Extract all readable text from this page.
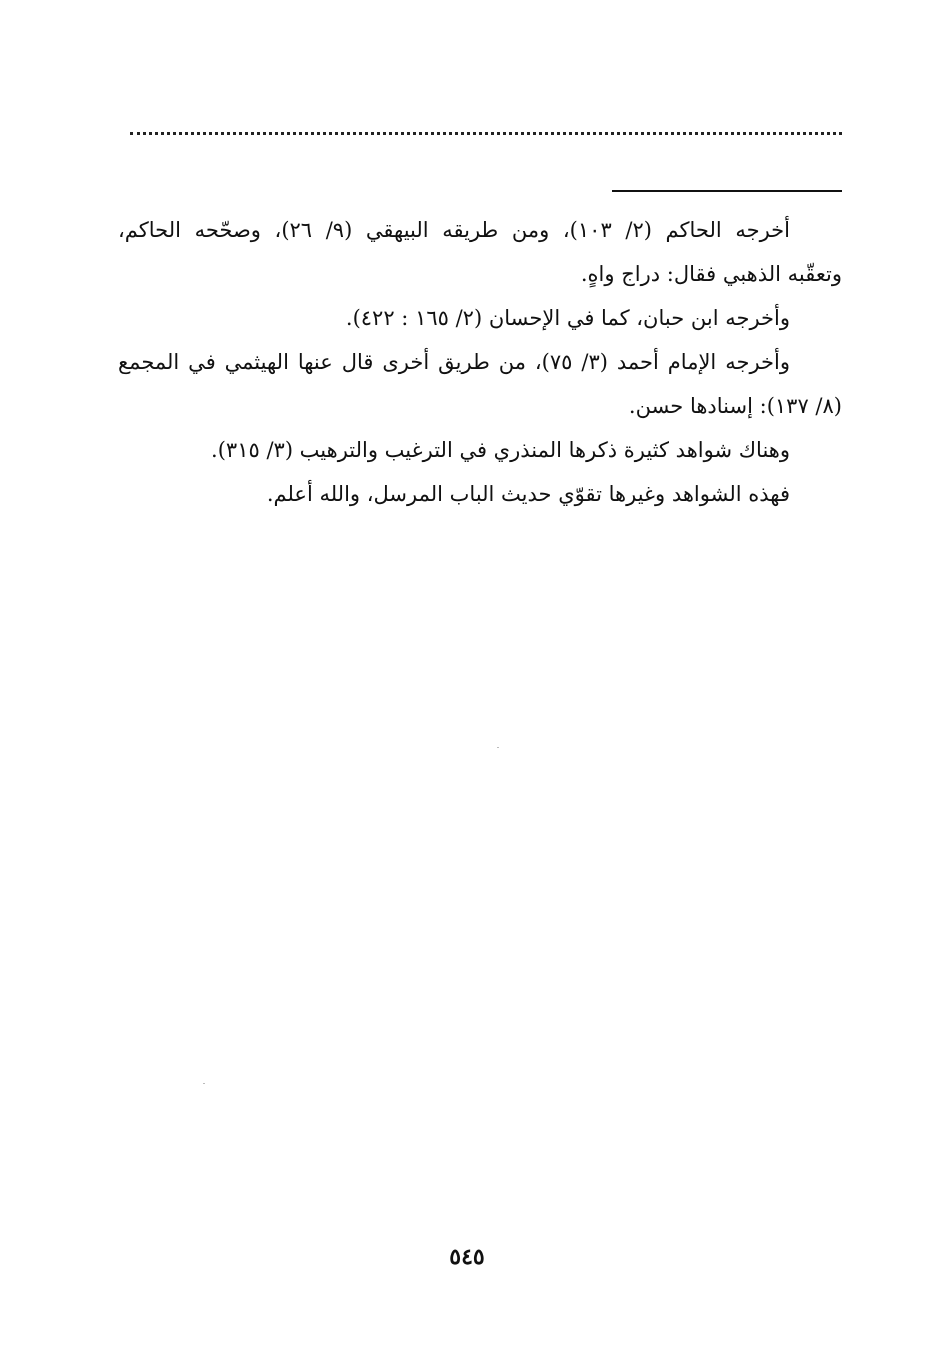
أخرجه الحاكم (٢/ ١٠٣)، ومن طريقه البيهقي (٩/ ٢٦)، وصحّحه الحاكم،
وتعقّبه الذهبي فقال: دراج واهٍ.
وأخرجه ابن حبان، كما في الإحسان (٢/ ١٦٥ : ٤٢٢).
وأخرجه الإمام أحمد (٣/ ٧٥)، من طريق أخرى قال عنها الهيثمي في المجمع
(٨/ ١٣٧): إسنادها حسن.
وهناك شواهد كثيرة ذكرها المنذري في الترغيب والترهيب (٣/ ٣١٥).
فهذه الشواهد وغيرها تقوّي حديث الباب المرسل، والله أعلم.
٥٤٥
